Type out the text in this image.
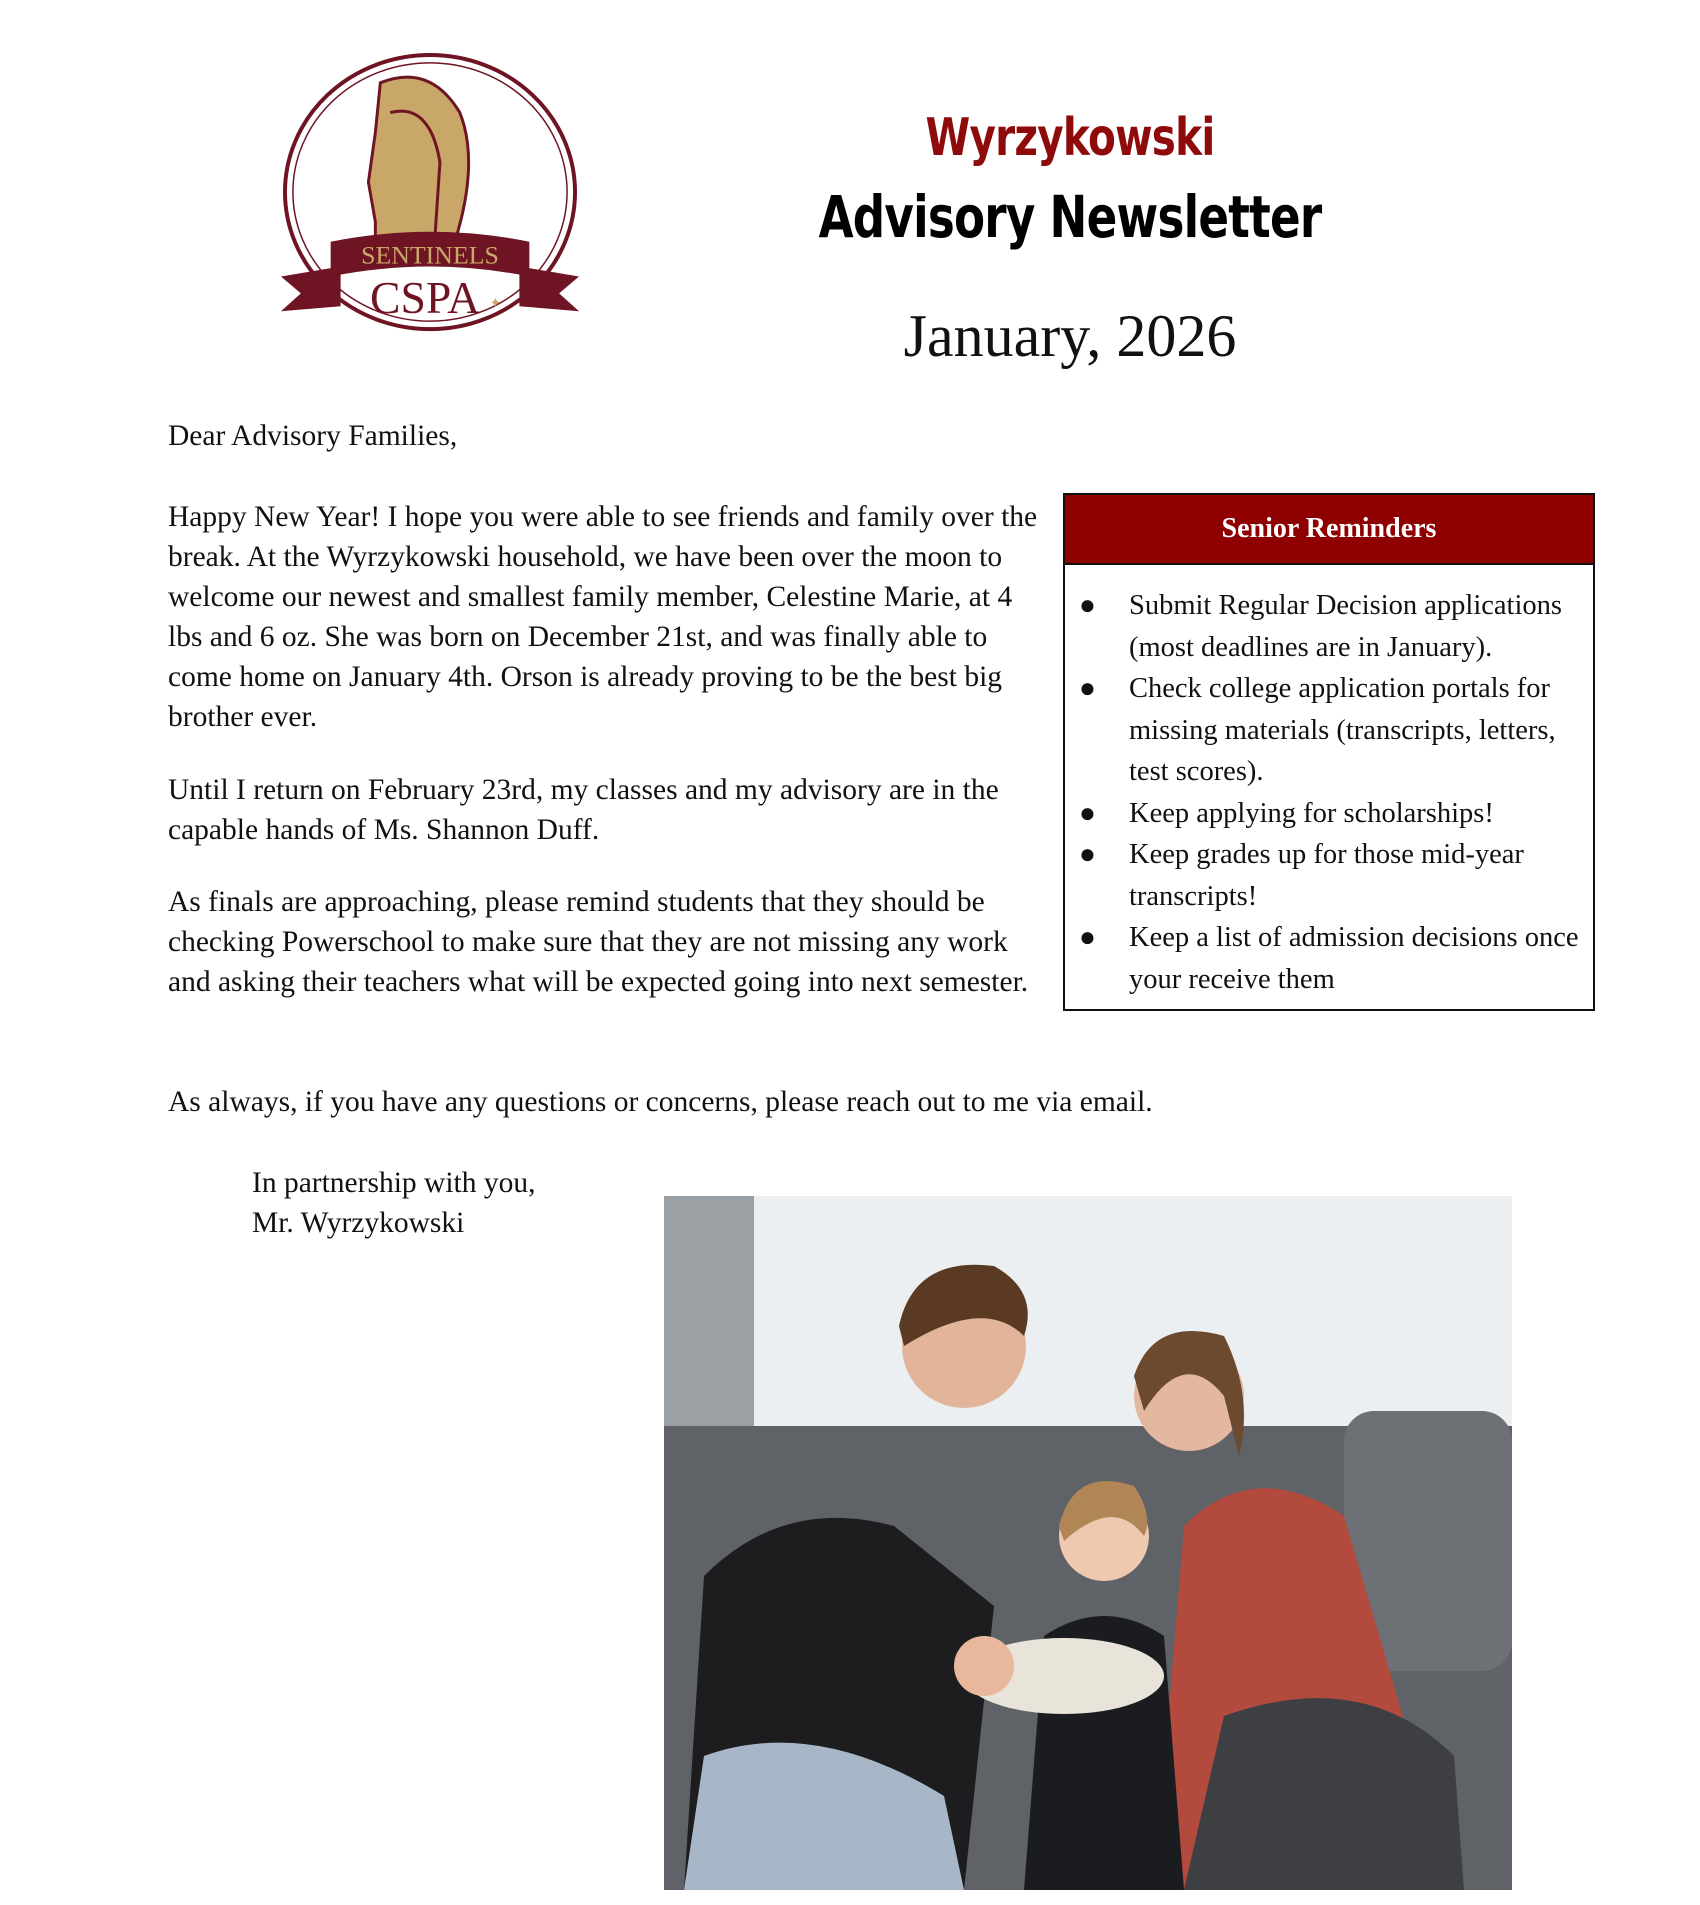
SENTINELS
CSPA ✦
Wyrzykowski
Advisory Newsletter
January, 2026
Dear Advisory Families,
Happy New Year! I hope you were able to see friends and family over the break. At the Wyrzykowski household, we have been over the moon to welcome our newest and smallest family member, Celestine Marie, at 4 lbs and 6 oz. She was born on December 21st, and was finally able to come home on January 4th. Orson is already proving to be the best big brother ever.
Until I return on February 23rd, my classes and my advisory are in the capable hands of Ms. Shannon Duff.
As finals are approaching, please remind students that they should be checking Powerschool to make sure that they are not missing any work and asking their teachers what will be expected going into next semester.
As always, if you have any questions or concerns, please reach out to me via email.
In partnership with you,
Mr. Wyrzykowski
Senior Reminders
● Submit Regular Decision applications (most deadlines are in January).
● Check college application portals for missing materials (transcripts, letters, test scores).
● Keep applying for scholarships!
● Keep grades up for those mid-year transcripts!
● Keep a list of admission decisions once your receive them
